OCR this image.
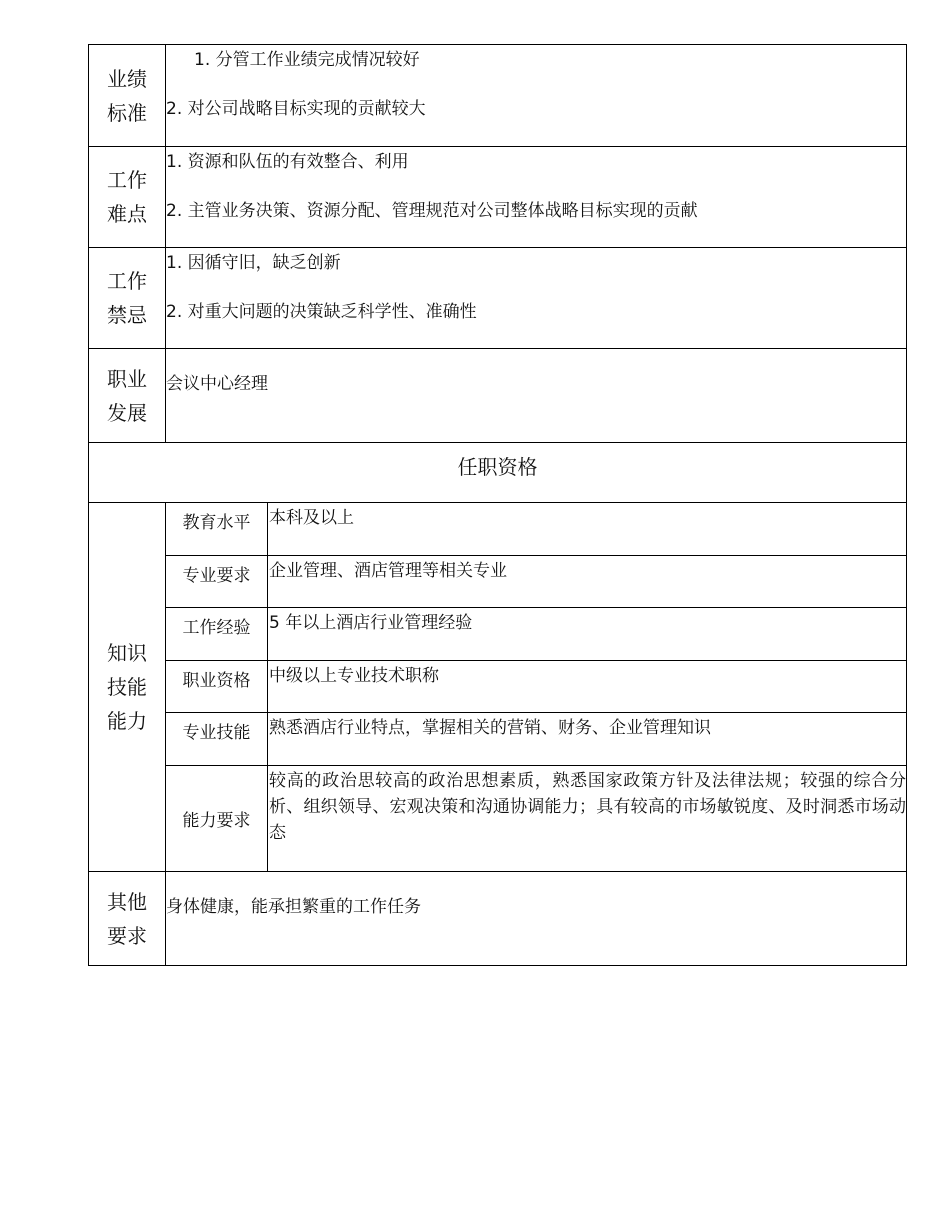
业绩
标准	1. 分管工作业绩完成情况较好
2. 对公司战略目标实现的贡献较大	

工作
难点	1. 资源和队伍的有效整合、利用
2. 主管业务决策、资源分配、管理规范对公司整体战略目标实现的贡献	

工作
禁忌	1. 因循守旧，缺乏创新
2. 对重大问题的决策缺乏科学性、准确性	

职业
发展	会议中心经理	

任职资格		

知识
技能
能力	教育水平	本科及以上
	专业要求	企业管理、酒店管理等相关专业
	工作经验	5 年以上酒店行业管理经验
	职业资格	中级以上专业技术职称
	专业技能	熟悉酒店行业特点，掌握相关的营销、财务、企业管理知识
	能力要求	较高的政治思较高的政治思想素质，熟悉国家政策方针及法律法规；较强的综合分析、组织领导、宏观决策和沟通协调能力；具有较高的市场敏锐度、及时洞悉市场动态

其他
要求	身体健康，能承担繁重的工作任务	
